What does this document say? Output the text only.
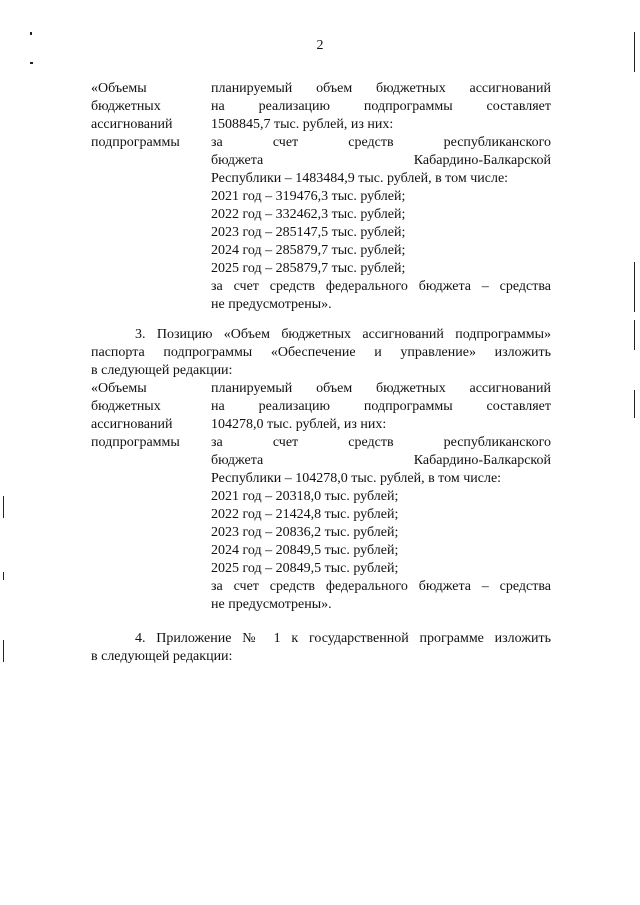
2
«Объемы
бюджетных
ассигнований
подпрограммы
планируемый объем бюджетных ассигнований
на реализацию подпрограммы составляет
1508845,7 тыс. рублей, из них:
за счет средств республиканского
бюджета Кабардино-Балкарской
Республики – 1483484,9 тыс. рублей, в том числе:
2021 год – 319476,3 тыс. рублей;
2022 год – 332462,3 тыс. рублей;
2023 год – 285147,5 тыс. рублей;
2024 год – 285879,7 тыс. рублей;
2025 год – 285879,7 тыс. рублей;
за счет средств федерального бюджета – средства
не предусмотрены».
3. Позицию «Объем бюджетных ассигнований подпрограммы»
паспорта подпрограммы «Обеспечение и управление» изложить
в следующей редакции:
«Объемы
бюджетных
ассигнований
подпрограммы
планируемый объем бюджетных ассигнований
на реализацию подпрограммы составляет
104278,0 тыс. рублей, из них:
за счет средств республиканского
бюджета Кабардино-Балкарской
Республики – 104278,0 тыс. рублей, в том числе:
2021 год – 20318,0 тыс. рублей;
2022 год – 21424,8 тыс. рублей;
2023 год – 20836,2 тыс. рублей;
2024 год – 20849,5 тыс. рублей;
2025 год – 20849,5 тыс. рублей;
за счет средств федерального бюджета – средства
не предусмотрены».
4. Приложение № 1 к государственной программе изложить
в следующей редакции:
